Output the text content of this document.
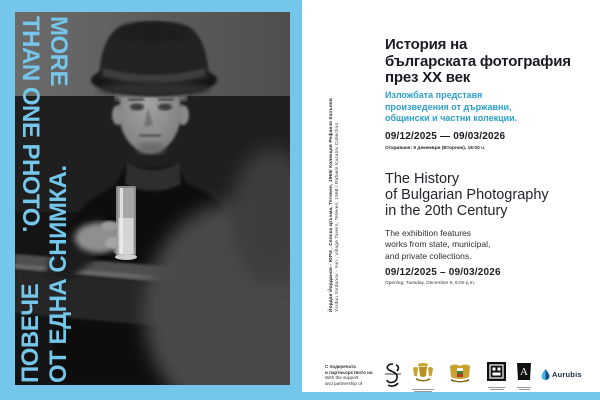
MORE
THAN ONE PHOTO.
ПОВЕЧЕ ОТ ЕДНА СНИМКА.	Йордан Йорданов - ЮРИ , Селска кръчма, Тетевен, 1968/ Колекция Рефанзо Казълов Yordan Yordanov - Yuri , Village Tavern, Teteven, 1968 / Rafaelo Kazalov Collection
История на
българската фотография
през XX век
Изложбата представя
произведения от държавни,
общински и частни колекции.
09/12/2025 — 09/03/2026
Откриване: 9 декември (Вторник), 18:00 ч.
The History
of Bulgarian Photography
in the 20th Century
The exhibition features
works from state, municipal,
and private collections.
09/12/2025 – 09/03/2026
Opening: Tuesday, December 9, 6:00 p.m.
С подкрепата
и партньорството на
With the support
and partnership of
A	Aurubis
